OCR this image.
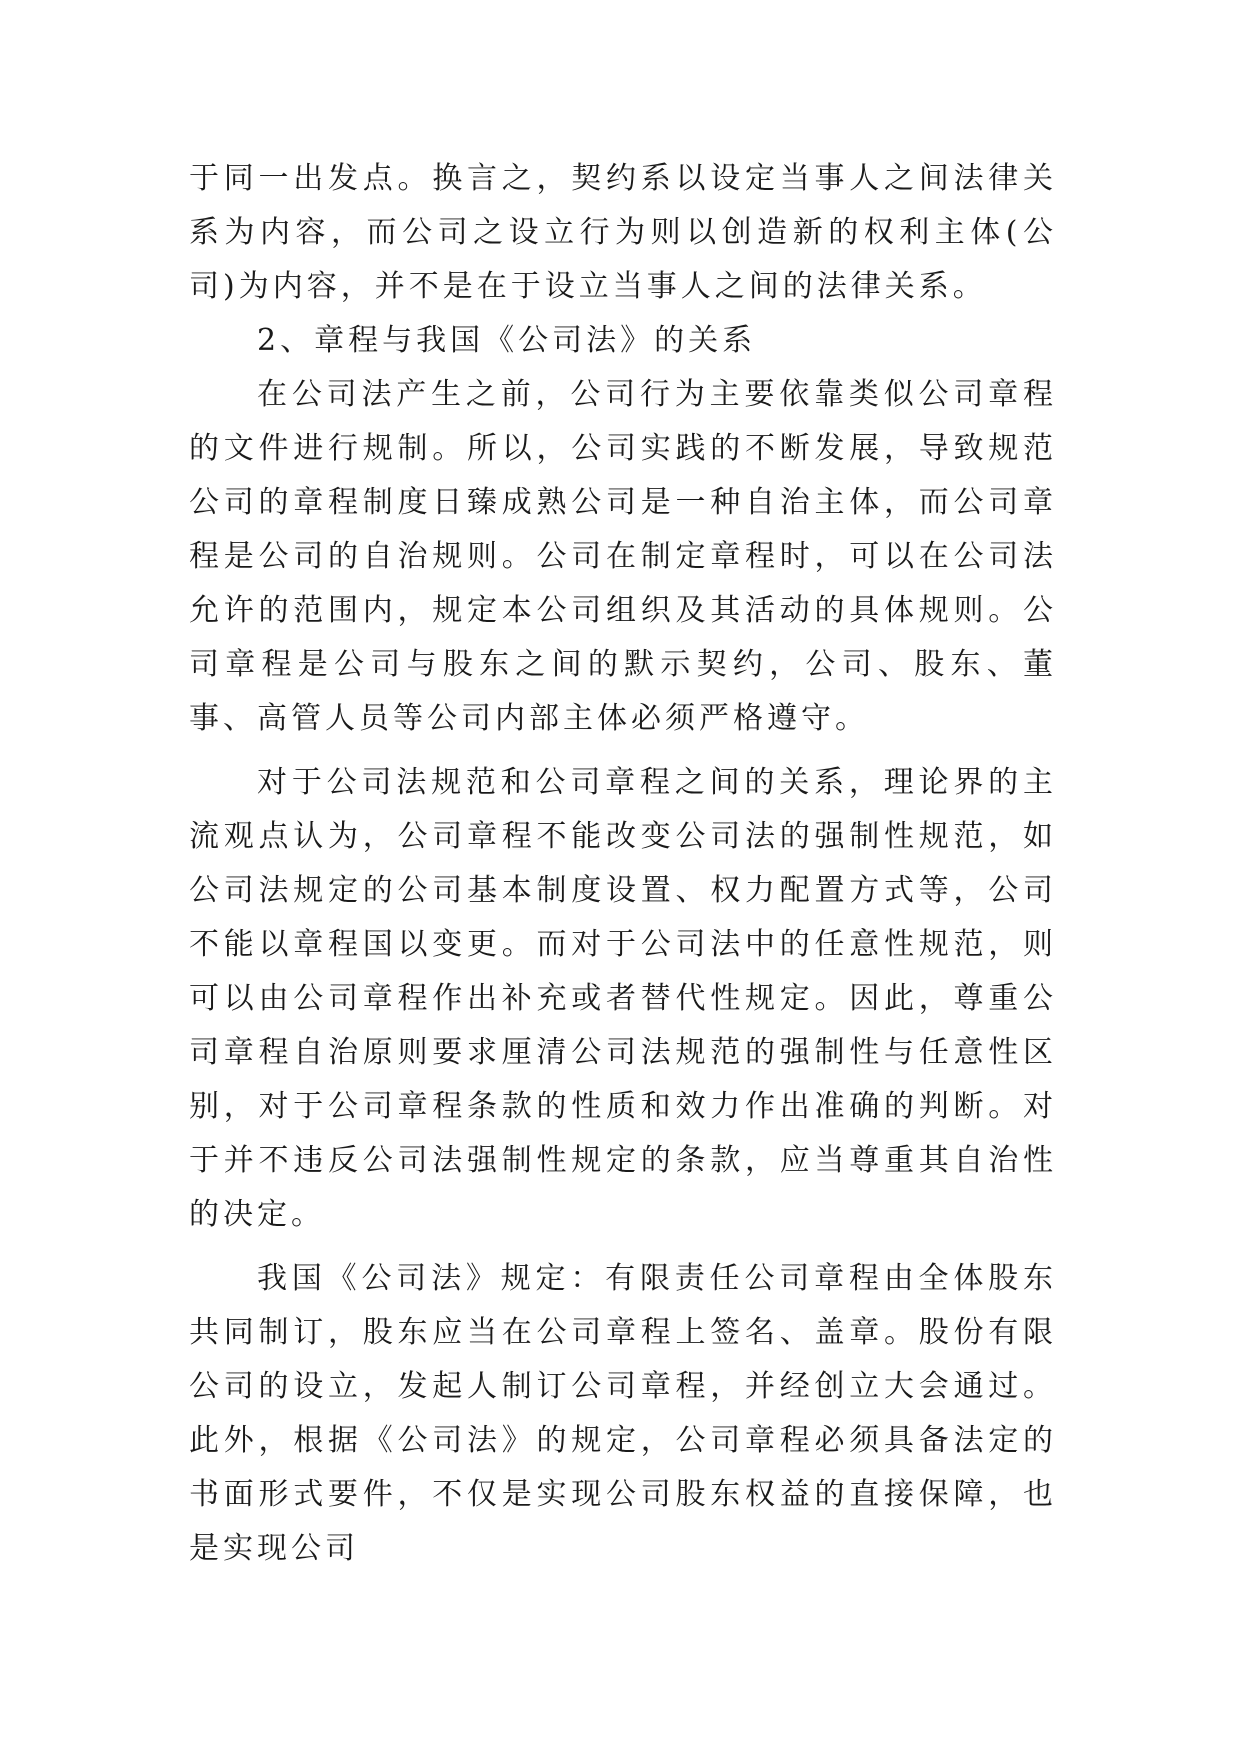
于同一出发点。换言之，契约系以设定当事人之间法律关系为内容，而公司之设立行为则以创造新的权利主体(公司)为内容，并不是在于设立当事人之间的法律关系。

2、章程与我国《公司法》的关系

在公司法产生之前，公司行为主要依靠类似公司章程的文件进行规制。所以，公司实践的不断发展，导致规范公司的章程制度日臻成熟公司是一种自治主体，而公司章程是公司的自治规则。公司在制定章程时，可以在公司法允许的范围内，规定本公司组织及其活动的具体规则。公司章程是公司与股东之间的默示契约，公司、股东、董事、高管人员等公司内部主体必须严格遵守。

对于公司法规范和公司章程之间的关系，理论界的主流观点认为，公司章程不能改变公司法的强制性规范，如公司法规定的公司基本制度设置、权力配置方式等，公司不能以章程国以变更。而对于公司法中的任意性规范，则可以由公司章程作出补充或者替代性规定。因此，尊重公司章程自治原则要求厘清公司法规范的强制性与任意性区别，对于公司章程条款的性质和效力作出准确的判断。对于并不违反公司法强制性规定的条款，应当尊重其自治性的决定。

我国《公司法》规定：有限责任公司章程由全体股东共同制订，股东应当在公司章程上签名、盖章。股份有限公司的设立，发起人制订公司章程，并经创立大会通过。此外，根据《公司法》的规定，公司章程必须具备法定的书面形式要件，不仅是实现公司股东权益的直接保障，也是实现公司
